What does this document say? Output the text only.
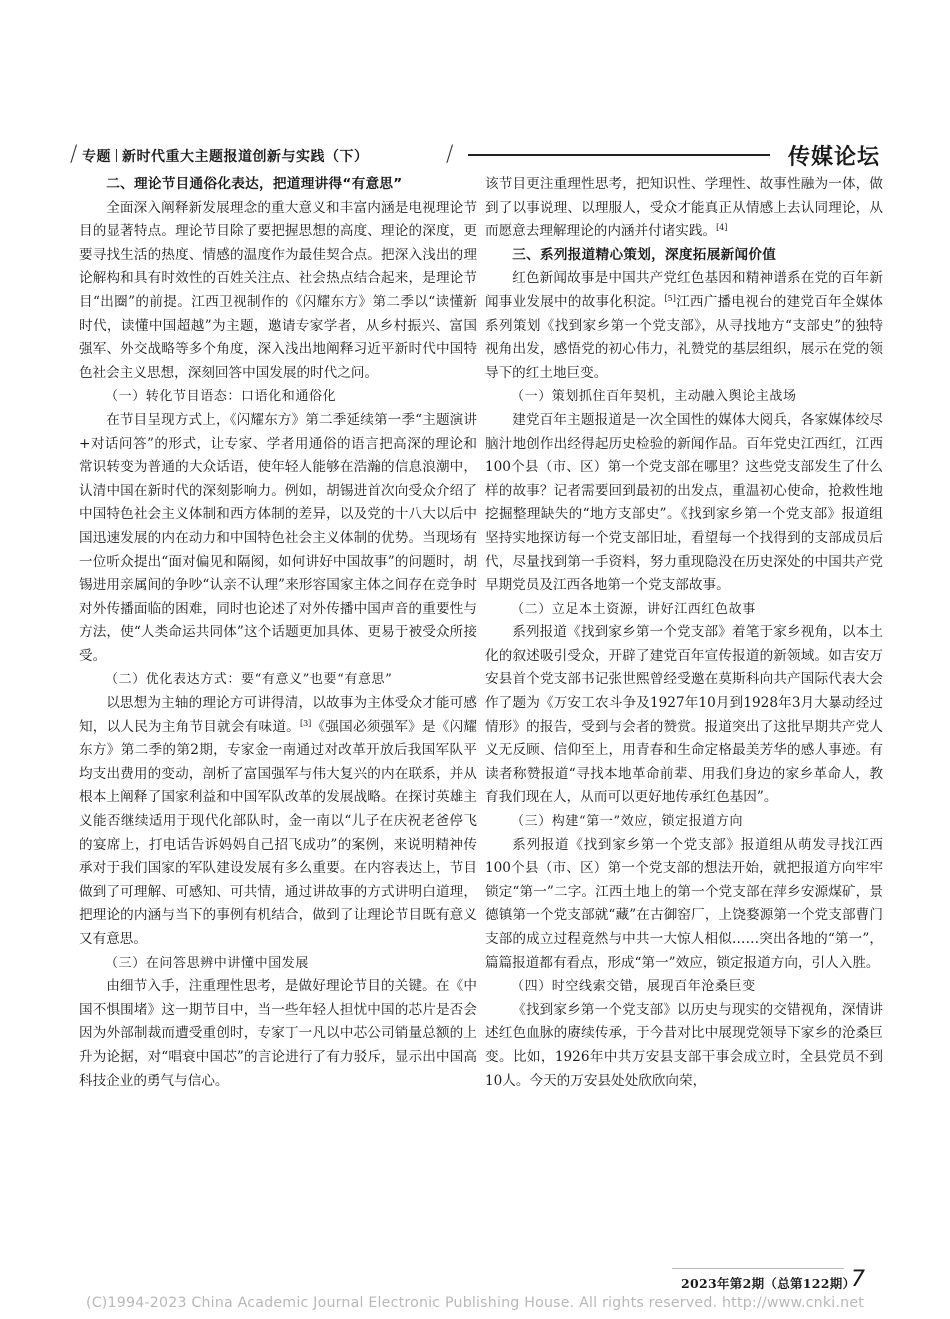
/ 专题 新时代重大主题报道创新与实践（下）	/	传媒论坛
二、理论节目通俗化表达，把道理讲得“有意思”

全面深入阐释新发展理念的重大意义和丰富内涵是电视理论节目的显著特点。理论节目除了要把握思想的高度、理论的深度，更要寻找生活的热度、情感的温度作为最佳契合点。把深入浅出的理论解构和具有时效性的百姓关注点、社会热点结合起来，是理论节目“出圈”的前提。江西卫视制作的《闪耀东方》第二季以“读懂新时代，读懂中国超越”为主题，邀请专家学者，从乡村振兴、富国强军、外交战略等多个角度，深入浅出地阐释习近平新时代中国特色社会主义思想，深刻回答中国发展的时代之问。

（一）转化节目语态：口语化和通俗化

在节目呈现方式上，《闪耀东方》第二季延续第一季“主题演讲+对话问答”的形式，让专家、学者用通俗的语言把高深的理论和常识转变为普通的大众话语，使年轻人能够在浩瀚的信息浪潮中，认清中国在新时代的深刻影响力。例如，胡锡进首次向受众介绍了中国特色社会主义体制和西方体制的差异，以及党的十八大以后中国迅速发展的内在动力和中国特色社会主义体制的优势。当现场有一位听众提出“面对偏见和隔阂，如何讲好中国故事”的问题时，胡锡进用亲属间的争吵“认亲不认理”来形容国家主体之间存在竞争时对外传播面临的困难，同时也论述了对外传播中国声音的重要性与方法，使“人类命运共同体”这个话题更加具体、更易于被受众所接受。

（二）优化表达方式：要“有意义”也要“有意思”

以思想为主轴的理论方可讲得清，以故事为主体受众才能可感知，以人民为主角节目就会有味道。[3]《强国必须强军》是《闪耀东方》第二季的第2期，专家金一南通过对改革开放后我国军队平均支出费用的变动，剖析了富国强军与伟大复兴的内在联系，并从根本上阐释了国家利益和中国军队改革的发展战略。在探讨英雄主义能否继续适用于现代化部队时，金一南以“儿子在庆祝老爸停飞的宴席上，打电话告诉妈妈自己招飞成功”的案例，来说明精神传承对于我们国家的军队建设发展有多么重要。在内容表达上，节目做到了可理解、可感知、可共情，通过讲故事的方式讲明白道理，把理论的内涵与当下的事例有机结合，做到了让理论节目既有意义又有意思。

（三）在问答思辨中讲懂中国发展

由细节入手，注重理性思考，是做好理论节目的关键。在《中国不惧围堵》这一期节目中，当一些年轻人担忧中国的芯片是否会因为外部制裁而遭受重创时，专家丁一凡以中芯公司销量总额的上升为论据，对“唱衰中国芯”的言论进行了有力驳斥，显示出中国高科技企业的勇气与信心。

该节目更注重理性思考，把知识性、学理性、故事性融为一体，做到了以事说理、以理服人，受众才能真正从情感上去认同理论，从而愿意去理解理论的内涵并付诸实践。[4]

三、系列报道精心策划，深度拓展新闻价值

红色新闻故事是中国共产党红色基因和精神谱系在党的百年新闻事业发展中的故事化积淀。[5]江西广播电视台的建党百年全媒体系列策划《找到家乡第一个党支部》，从寻找地方“支部史”的独特视角出发，感悟党的初心伟力，礼赞党的基层组织，展示在党的领导下的红土地巨变。

（一）策划抓住百年契机，主动融入舆论主战场

建党百年主题报道是一次全国性的媒体大阅兵，各家媒体绞尽脑汁地创作出经得起历史检验的新闻作品。百年党史江西红，江西100个县（市、区）第一个党支部在哪里？这些党支部发生了什么样的故事？记者需要回到最初的出发点，重温初心使命，抢救性地挖掘整理缺失的“地方支部史”。《找到家乡第一个党支部》报道组坚持实地探访每一个党支部旧址，看望每一个找得到的支部成员后代，尽量找到第一手资料，努力重现隐没在历史深处的中国共产党早期党员及江西各地第一个党支部故事。

（二）立足本土资源，讲好江西红色故事

系列报道《找到家乡第一个党支部》着笔于家乡视角，以本土化的叙述吸引受众，开辟了建党百年宣传报道的新领域。如吉安万安县首个党支部书记张世熙曾经受邀在莫斯科向共产国际代表大会作了题为《万安工农斗争及1927年10月到1928年3月大暴动经过情形》的报告，受到与会者的赞赏。报道突出了这批早期共产党人义无反顾、信仰至上，用青春和生命定格最美芳华的感人事迹。有读者称赞报道“寻找本地革命前辈、用我们身边的家乡革命人，教育我们现在人，从而可以更好地传承红色基因”。

（三）构建“第一”效应，锁定报道方向

系列报道《找到家乡第一个党支部》报道组从萌发寻找江西100个县（市、区）第一个党支部的想法开始，就把报道方向牢牢锁定“第一”二字。江西土地上的第一个党支部在萍乡安源煤矿，景德镇第一个党支部就“藏”在古御窑厂，上饶婺源第一个党支部曹门支部的成立过程竟然与中共一大惊人相似……突出各地的“第一”，篇篇报道都有看点，形成“第一”效应，锁定报道方向，引人入胜。

（四）时空线索交错，展现百年沧桑巨变

《找到家乡第一个党支部》以历史与现实的交错视角，深情讲述红色血脉的赓续传承，于今昔对比中展现党领导下家乡的沧桑巨变。比如，1926年中共万安县支部干事会成立时，全县党员不到10人。今天的万安县处处欣欣向荣，

2023年第2期（总第122期）
7
(C)1994-2023 China Academic Journal Electronic Publishing House. All rights reserved. http://www.cnki.net
